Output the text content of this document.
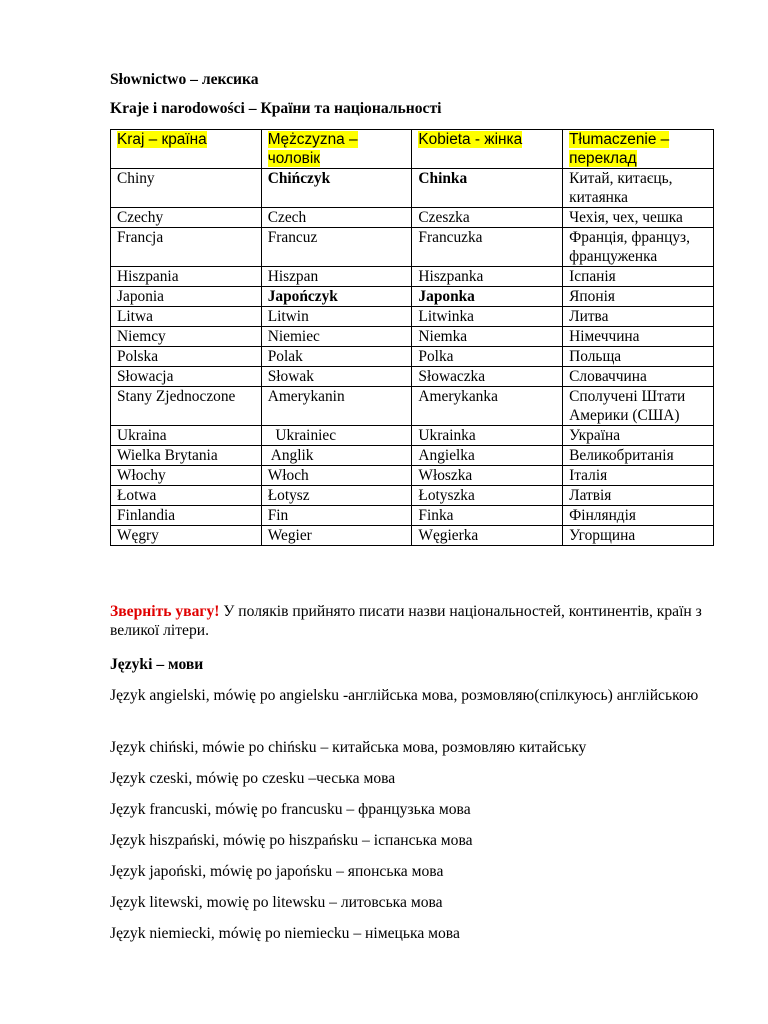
Słownictwo – лексика
Kraje i narodowości – Країни та національності
Kraj – країна	Mężczyzna – чоловік	Kobieta - жінка	Tłumaczenie – переклад
Chiny	Chińczyk	Chinka	Китай, китаєць, китаянка
Czechy	Czech	Czeszka	Чехія, чех, чешка
Francja	Francuz	Francuzka	Франція, француз, француженка
Hiszpania	Hiszpan	Hiszpanka	Іспанія
Japonia	Japończyk	Japonka	Японія
Litwa	Litwin	Litwinka	Литва
Niemcy	Niemiec	Niemka	Німеччина
Polska	Polak	Polka	Польща
Słowacja	Słowak	Słowaczka	Словаччина
Stany Zjednoczone	Amerykanin	Amerykanka	Сполучені Штати Америки (США)
Ukraina	Ukrainiec	Ukrainka	Україна
Wielka Brytania	Anglik	Angielka	Великобританія
Włochy	Włoch	Włoszka	Італія
Łotwa	Łotysz	Łotyszka	Латвія
Finlandia	Fin	Finka	Фінляндія
Węgry	Wegier	Węgierka	Угорщина
Зверніть увагу! У поляків прийнято писати назви національностей, континентів, країн з великої літери.
Języki – мови
Język angielski, mówię po angielsku -англійська мова, розмовляю(спілкуюсь) англійською
Język chiński, mówie po chińsku – китайська мова, розмовляю китайську
Język czeski, mówię po czesku –чеська мова
Język francuski, mówię po francusku – французька мова
Język hiszpański, mówię po hiszpańsku – іспанська мова
Język japoński, mówię po japońsku – японська мова
Język litewski, mowię po litewsku – литовська мова
Język niemiecki, mówię po niemiecku – німецька мова
